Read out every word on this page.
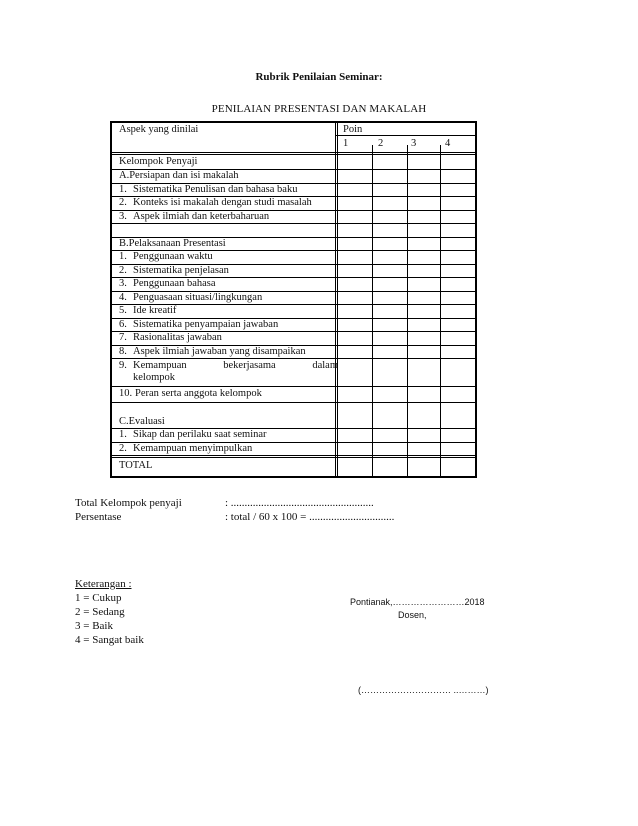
Rubrik Penilaian Seminar:
PENILAIAN PRESENTASI DAN MAKALAH
Aspek yang dinilai	Poin
1	2	3	4
Kelompok Penyaji
A.Persiapan dan isi makalah
1. Sistematika Penulisan dan bahasa baku
2. Konteks isi makalah dengan studi masalah
3. Aspek ilmiah dan keterbaharuan
B.Pelaksanaan Presentasi
1. Penggunaan waktu
2. Sistematika penjelasan
3. Penggunaan bahasa
4. Penguasaan situasi/lingkungan
5. Ide kreatif
6. Sistematika penyampaian jawaban
7. Rasionalitas jawaban
8. Aspek ilmiah jawaban yang disampaikan
9. Kemampuan	bekerjasama	dalam
kelompok
10. Peran serta anggota kelompok
C.Evaluasi
1. Sikap dan perilaku saat seminar
2. Kemampuan menyimpulkan
TOTAL
Total Kelompok penyaji	: ....................................................
Persentase	: total / 60 x 100 = ...............................
Keterangan :
1 = Cukup
2 = Sedang
3 = Baik
4 = Sangat baik
Pontianak,……………………2018
Dosen,
(………………………… ..………)
